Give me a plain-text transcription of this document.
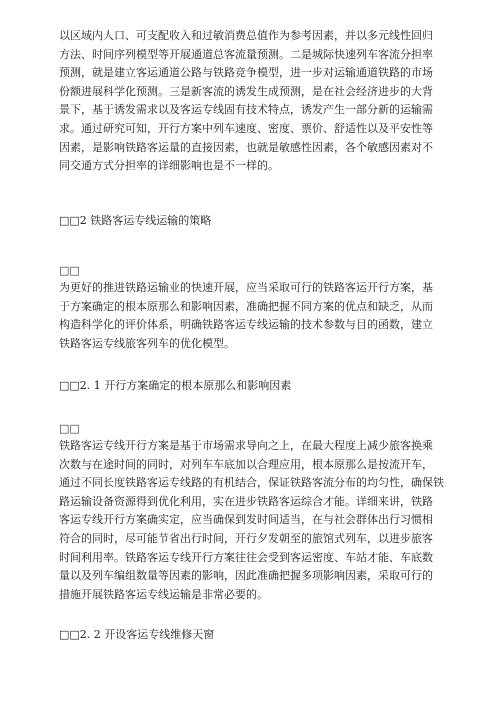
以区域内人口、可支配收入和过敏消费总值作为参考因素，并以多元线性回归
方法、时间序列模型等开展通道总客流量预测。二是城际快速列车客流分担率
预测，就是建立客运通道公路与铁路竞争模型，进一步对运输通道铁路的市场
份额进展科学化预测。三是新客流的诱发生成预测，是在社会经济进步的大背
景下，基于诱发需求以及客运专线固有技术特点，诱发产生一部分新的运输需
求。通过研究可知，开行方案中列车速度、密度、票价、舒适性以及平安性等
因素，是影响铁路客运量的直接因素，也就是敏感性因素，各个敏感因素对不
同交通方式分担率的详细影响也是不一样的。
□□2 铁路客运专线运输的策略
□□
为更好的推进铁路运输业的快速开展，应当采取可行的铁路客运开行方案，基
于方案确定的根本原那么和影响因素，准确把握不同方案的优点和缺乏，从而
构造科学化的评价体系，明确铁路客运专线运输的技术参数与目的函数，建立
铁路客运专线旅客列车的优化模型。
□□2. 1 开行方案确定的根本原那么和影响因素
□□
铁路客运专线开行方案是基于市场需求导向之上，在最大程度上减少旅客换乘
次数与在途时间的同时，对列车车底加以合理应用，根本原那么是按流开车，
通过不同长度铁路客运专线路的有机结合，保证铁路客流分布的均匀性，确保铁
路运输设备资源得到优化利用，实在进步铁路客运综合才能。详细来讲，铁路
客运专线开行方案确实定，应当确保到发时间适当，在与社会群体出行习惯相
符合的同时，尽可能节省出行时间，开行夕发朝至的旅馆式列车，以进步旅客
时间利用率。铁路客运专线开行方案往往会受到客运密度、车站才能、车底数
量以及列车编组数量等因素的影响，因此准确把握多项影响因素，采取可行的
措施开展铁路客运专线运输是非常必要的。
□□2. 2 开设客运专线维修天窗
